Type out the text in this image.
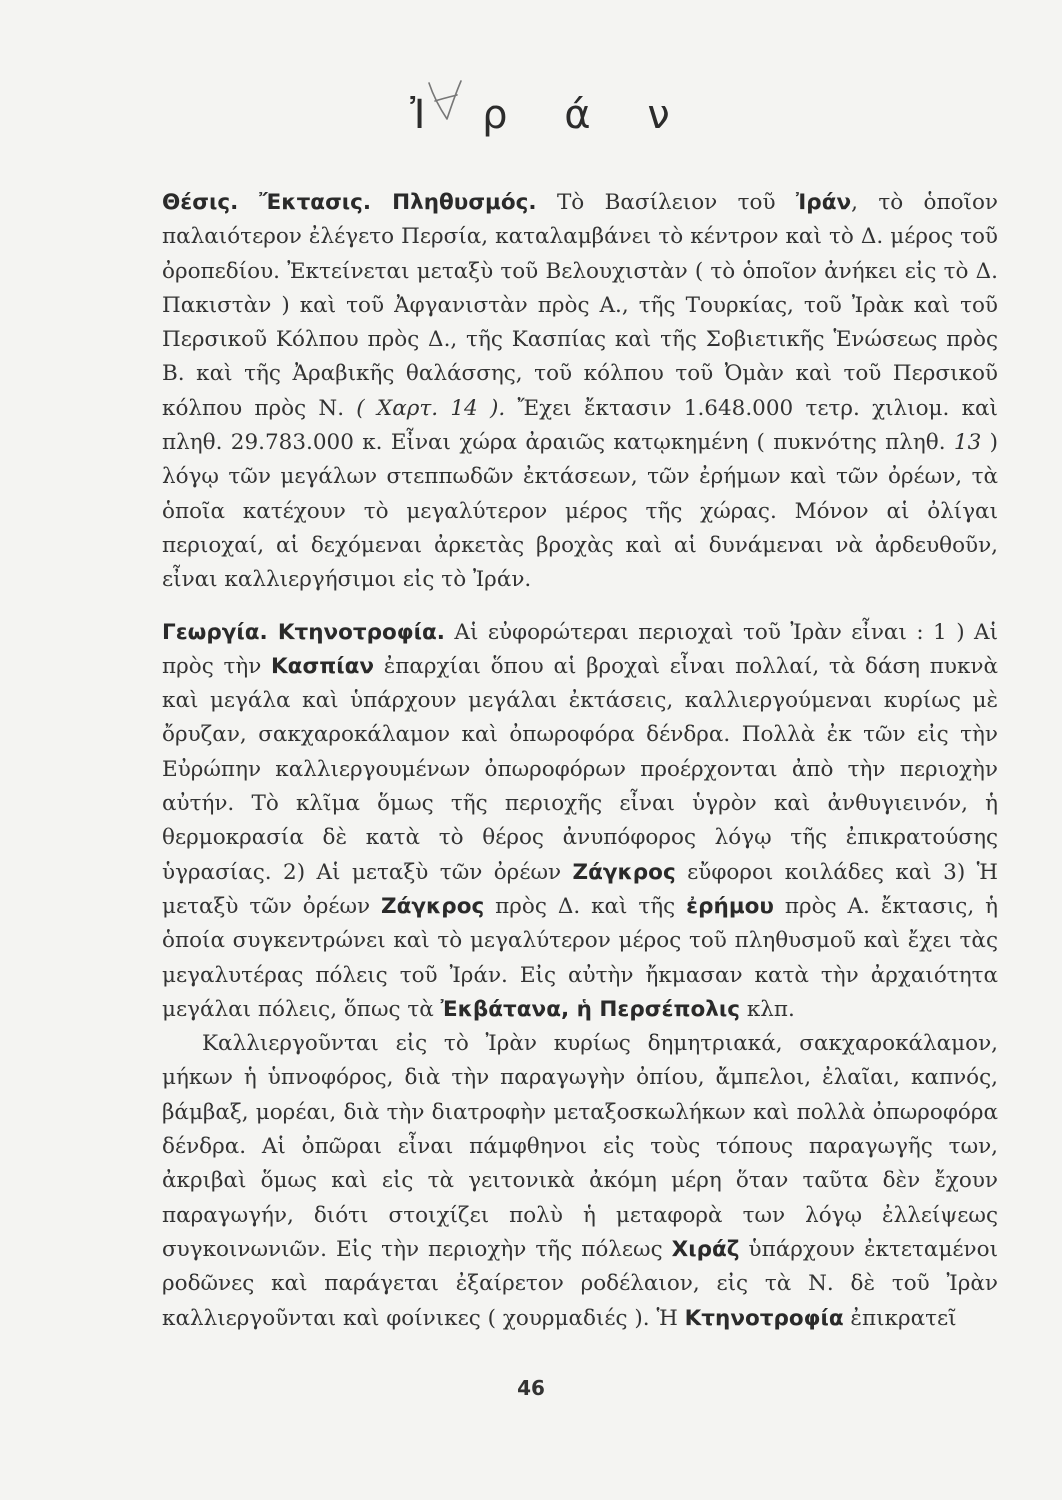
Ἰ ρ ά ν

Θέσις. Ἔκτασις. Πληθυσμός. Τὸ Βασίλειον τοῦ Ἰράν, τὸ ὁποῖον παλαιότερον ἐλέγετο Περσία, καταλαμβάνει τὸ κέντρον καὶ τὸ Δ. μέρος τοῦ ὀροπεδίου. Ἐκτείνεται μεταξὺ τοῦ Βελουχιστὰν ( τὸ ὁποῖον ἀνήκει εἰς τὸ Δ. Πακιστὰν ) καὶ τοῦ Ἀφγανιστὰν πρὸς Α., τῆς Τουρκίας, τοῦ Ἰρὰκ καὶ τοῦ Περσικοῦ Κόλπου πρὸς Δ., τῆς Κασπίας καὶ τῆς Σοβιετικῆς Ἑνώσεως πρὸς Β. καὶ τῆς Ἀραβικῆς θαλάσσης, τοῦ κόλπου τοῦ Ὀμὰν καὶ τοῦ Περσικοῦ κόλπου πρὸς Ν. ( Χαρτ. 14 ). Ἔχει ἔκτασιν 1.648.000 τετρ. χιλιομ. καὶ πληθ. 29.783.000 κ. Εἶναι χώρα ἀραιῶς κατῳκημένη ( πυκνότης πληθ. 13 ) λόγῳ τῶν μεγάλων στεππωδῶν ἐκτάσεων, τῶν ἐρήμων καὶ τῶν ὀρέων, τὰ ὁποῖα κατέχουν τὸ μεγαλύτερον μέρος τῆς χώρας. Μόνον αἱ ὀλίγαι περιοχαί, αἱ δεχόμεναι ἀρκετὰς βροχὰς καὶ αἱ δυνάμεναι νὰ ἀρδευθοῦν, εἶναι καλλιεργήσιμοι εἰς τὸ Ἰράν.

Γεωργία. Κτηνοτροφία. Αἱ εὐφορώτεραι περιοχαὶ τοῦ Ἰρὰν εἶναι : 1 ) Αἱ πρὸς τὴν Κασπίαν ἐπαρχίαι ὅπου αἱ βροχαὶ εἶναι πολλαί, τὰ δάση πυκνὰ καὶ μεγάλα καὶ ὑπάρχουν μεγάλαι ἐκτάσεις, καλλιεργούμεναι κυρίως μὲ ὄρυζαν, σακχαροκάλαμον καὶ ὀπωροφόρα δένδρα. Πολλὰ ἐκ τῶν εἰς τὴν Εὐρώπην καλλιεργουμένων ὀπωροφόρων προέρχονται ἀπὸ τὴν περιοχὴν αὐτήν. Τὸ κλῖμα ὅμως τῆς περιοχῆς εἶναι ὑγρὸν καὶ ἀνθυγιεινόν, ἡ θερμοκρασία δὲ κατὰ τὸ θέρος ἀνυπόφορος λόγῳ τῆς ἐπικρατούσης ὑγρασίας. 2) Αἱ μεταξὺ τῶν ὀρέων Ζάγκρος εὔφοροι κοιλάδες καὶ 3) Ἡ μεταξὺ τῶν ὀρέων Ζάγκρος πρὸς Δ. καὶ τῆς ἐρήμου πρὸς Α. ἔκτασις, ἡ ὁποία συγκεντρώνει καὶ τὸ μεγαλύτερον μέρος τοῦ πληθυσμοῦ καὶ ἔχει τὰς μεγαλυτέρας πόλεις τοῦ Ἰράν. Εἰς αὐτὴν ἤκμασαν κατὰ τὴν ἀρχαιότητα μεγάλαι πόλεις, ὅπως τὰ Ἐκβάτανα, ἡ Περσέπολις κλπ.

Καλλιεργοῦνται εἰς τὸ Ἰρὰν κυρίως δημητριακά, σακχαροκάλαμον, μήκων ἡ ὑπνοφόρος, διὰ τὴν παραγωγὴν ὀπίου, ἄμπελοι, ἐλαῖαι, καπνός, βάμβαξ, μορέαι, διὰ τὴν διατροφὴν μεταξοσκωλήκων καὶ πολλὰ ὀπωροφόρα δένδρα. Αἱ ὀπῶραι εἶναι πάμφθηνοι εἰς τοὺς τόπους παραγωγῆς των, ἀκριβαὶ ὅμως καὶ εἰς τὰ γειτονικὰ ἀκόμη μέρη ὅταν ταῦτα δὲν ἔχουν παραγωγήν, διότι στοιχίζει πολὺ ἡ μεταφορὰ των λόγῳ ἐλλείψεως συγκοινωνιῶν. Εἰς τὴν περιοχὴν τῆς πόλεως Χιράζ ὑπάρχουν ἐκτεταμένοι ροδῶνες καὶ παράγεται ἐξαίρετον ροδέλαιον, εἰς τὰ Ν. δὲ τοῦ Ἰρὰν καλλιεργοῦνται καὶ φοίνικες ( χουρμαδιές ). Ἡ Κτηνοτροφία ἐπικρατεῖ

46
